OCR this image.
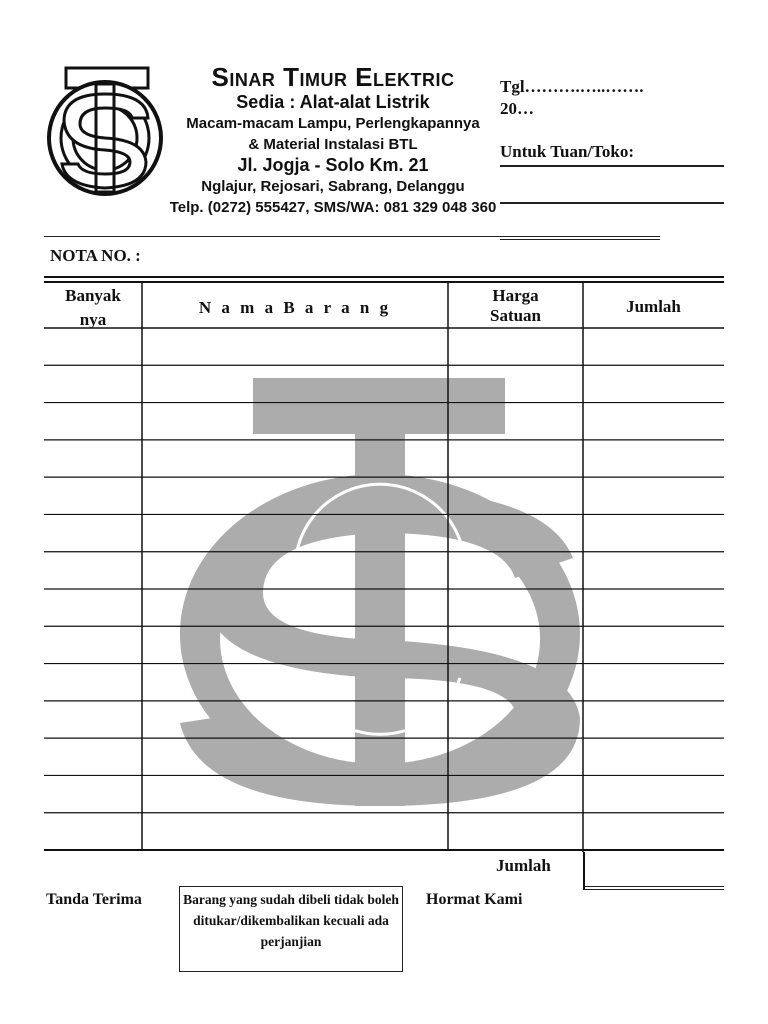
Sinar Timur Elektric
Sedia : Alat-alat Listrik
Macam-macam Lampu, Perlengkapannya
& Material Instalasi BTL
Jl. Jogja - Solo Km. 21
Nglajur, Rejosari, Sabrang, Delanggu
Telp. (0272) 555427, SMS/WA: 081 329 048 360
Tgl……….…..…….
20…
Untuk Tuan/Toko:
NOTA NO. :
Banyak
nya
N a m a B a r a n g
Harga
Satuan	Jumlah
Jumlah
Tanda Terima	Barang yang sudah dibeli tidak boleh ditukar/dikembalikan kecuali ada perjanjian
Hormat Kami
